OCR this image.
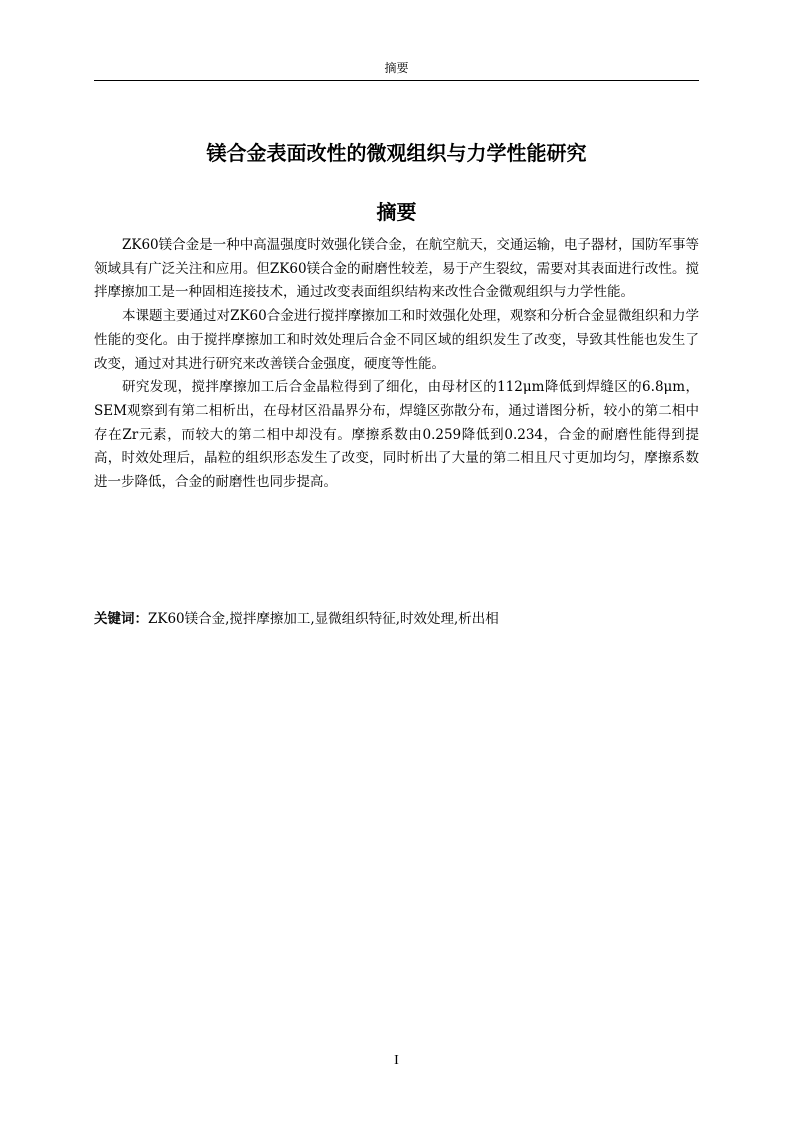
摘要
镁合金表面改性的微观组织与力学性能研究
摘要

ZK60镁合金是一种中高温强度时效强化镁合金，在航空航天，交通运输，电子器材，国防军事等领域具有广泛关注和应用。但ZK60镁合金的耐磨性较差，易于产生裂纹，需要对其表面进行改性。搅拌摩擦加工是一种固相连接技术，通过改变表面组织结构来改性合金微观组织与力学性能。

本课题主要通过对ZK60合金进行搅拌摩擦加工和时效强化处理，观察和分析合金显微组织和力学性能的变化。由于搅拌摩擦加工和时效处理后合金不同区域的组织发生了改变，导致其性能也发生了改变，通过对其进行研究来改善镁合金强度，硬度等性能。

研究发现，搅拌摩擦加工后合金晶粒得到了细化，由母材区的112μm降低到焊缝区的6.8μm，SEM观察到有第二相析出，在母材区沿晶界分布，焊缝区弥散分布，通过谱图分析，较小的第二相中存在Zr元素，而较大的第二相中却没有。摩擦系数由0.259降低到0.234，合金的耐磨性能得到提高，时效处理后，晶粒的组织形态发生了改变，同时析出了大量的第二相且尺寸更加均匀，摩擦系数进一步降低，合金的耐磨性也同步提高。

关键词：ZK60镁合金,搅拌摩擦加工,显微组织特征,时效处理,析出相
I
